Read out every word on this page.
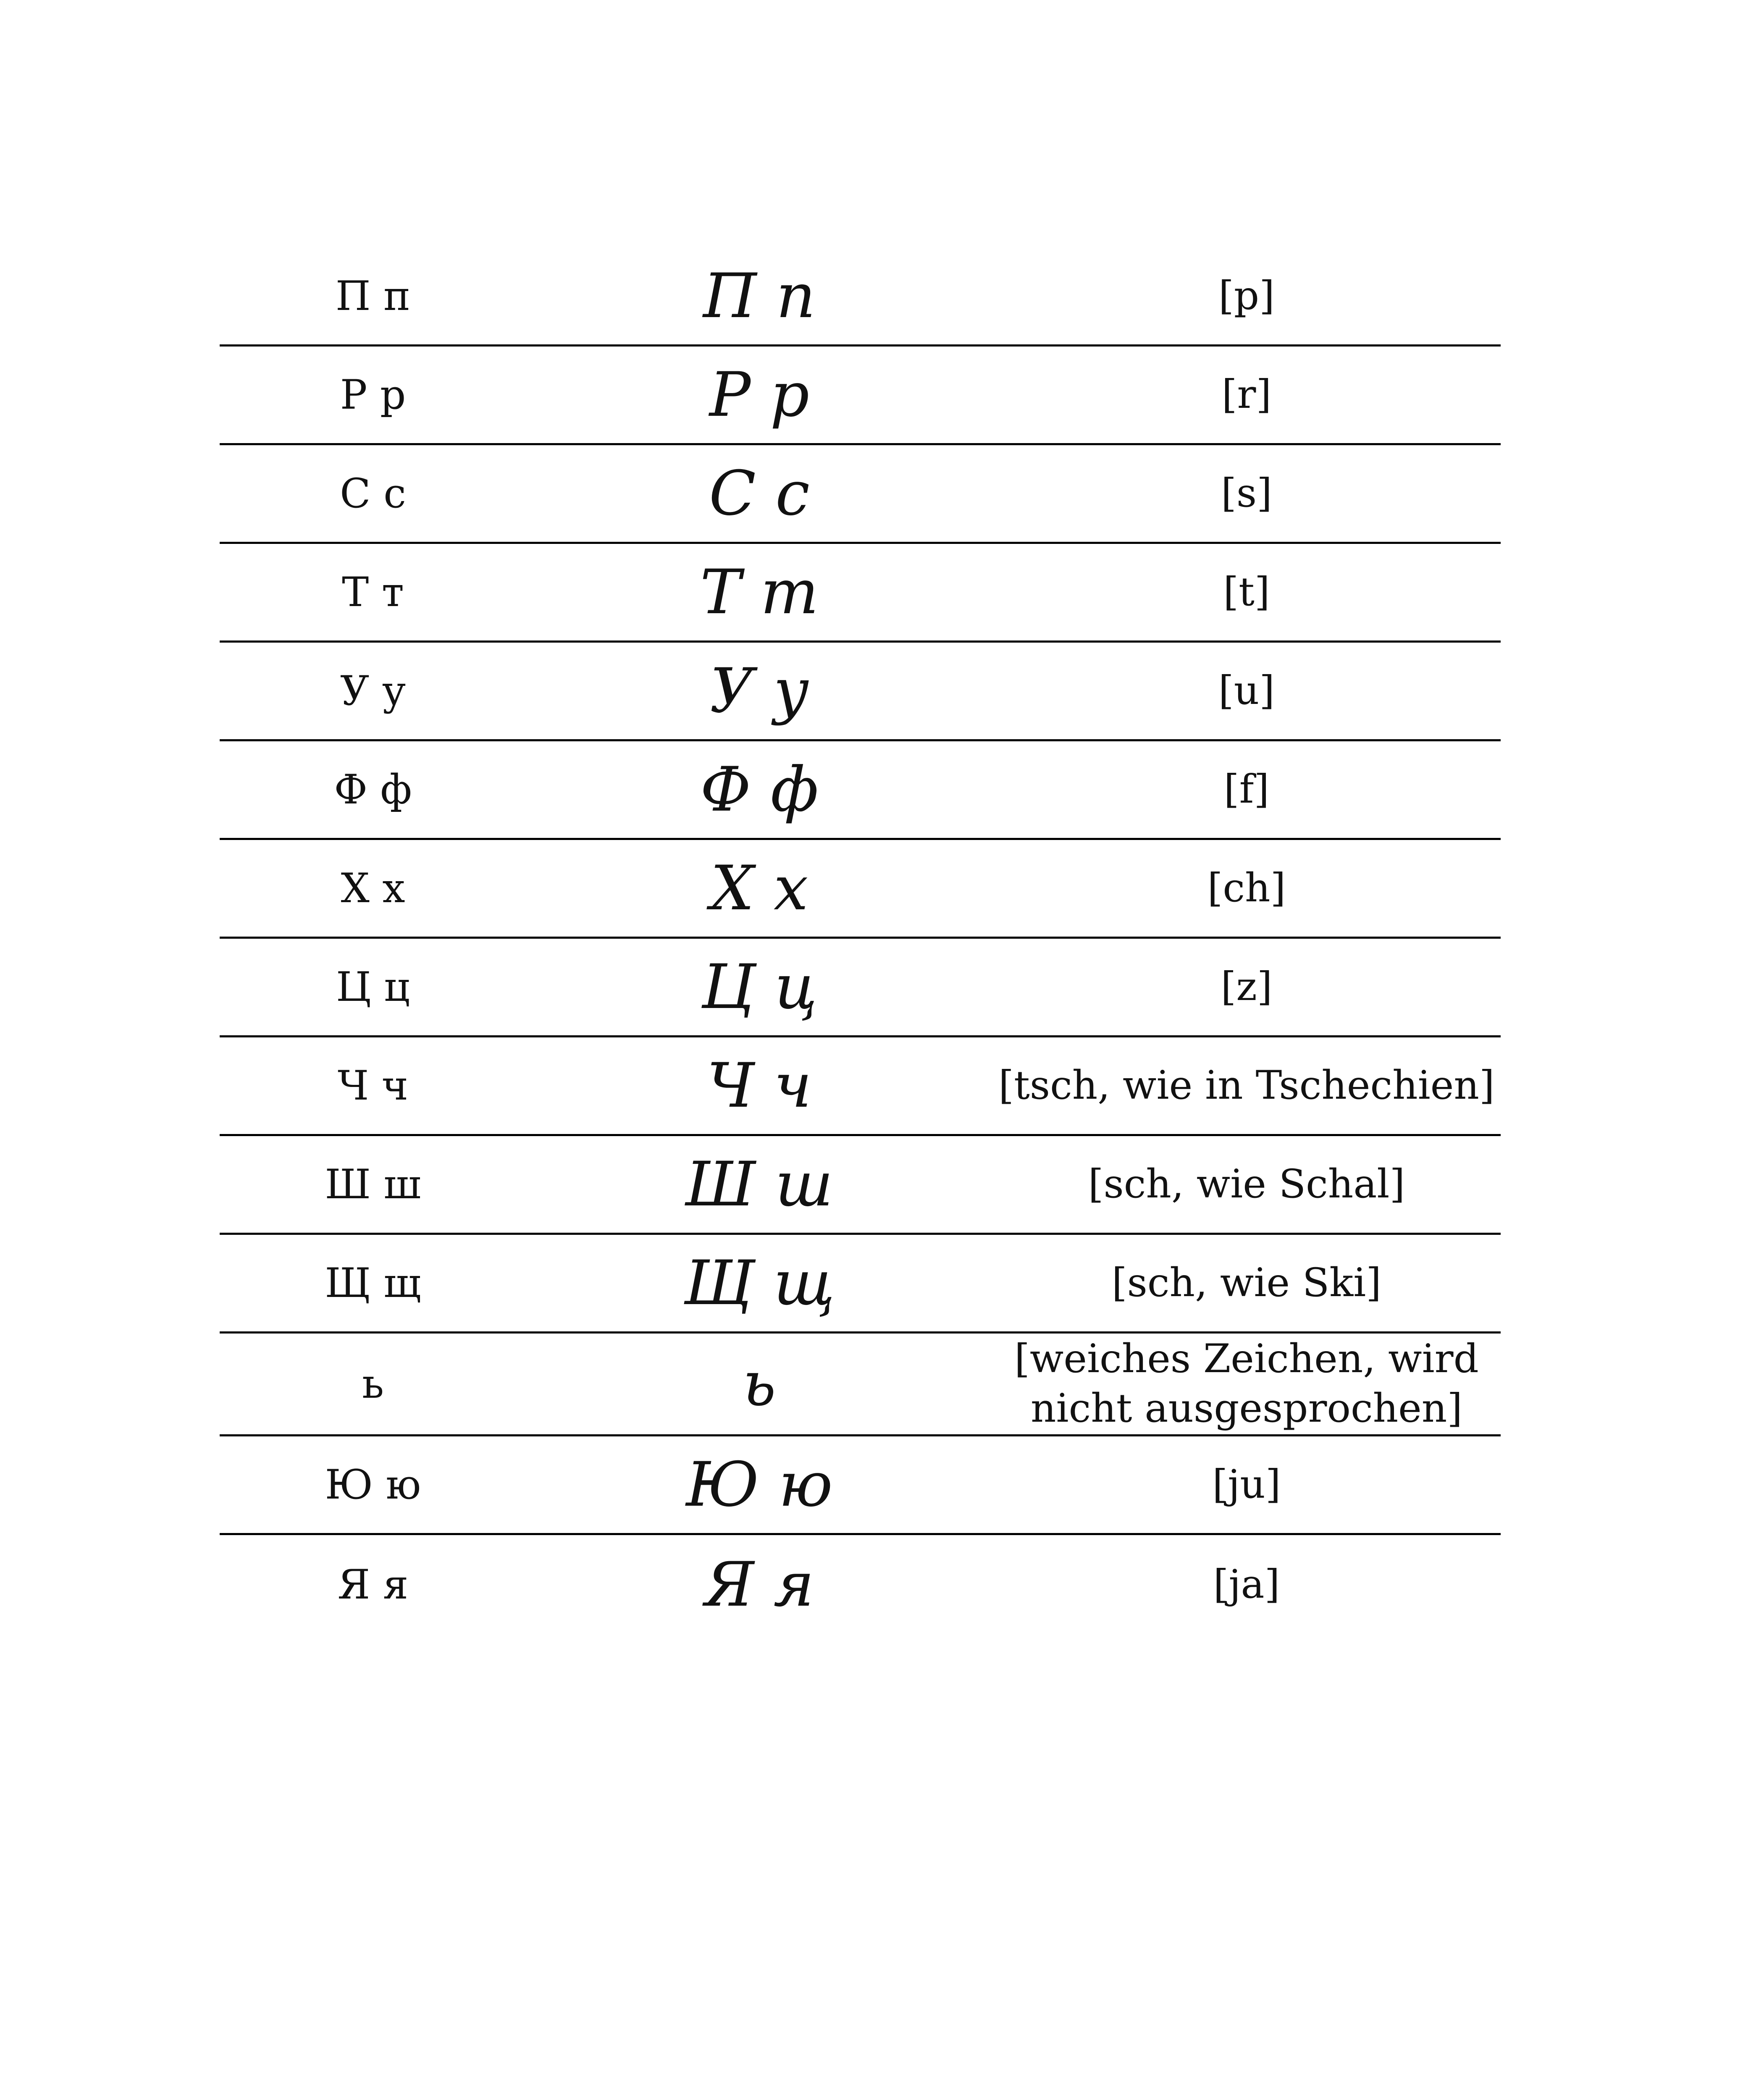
П п	П п	[p]
Р р	Р р	[r]
С с	С с	[s]
Т т	Т т	[t]
У у	У у	[u]
Ф ф	Ф ф	[f]
Х х	Х х	[ch]
Ц ц	Ц ц	[z]
Ч ч	Ч ч	[tsch, wie in Tschechien]
Ш ш	Ш ш	[sch, wie Schal]
Щ щ	Щ щ	[sch, wie Ski]
ь	ь	[weiches Zeichen, wird nicht ausgesprochen]
Ю ю	Ю ю	[ju]
Я я	Я я	[ja]
